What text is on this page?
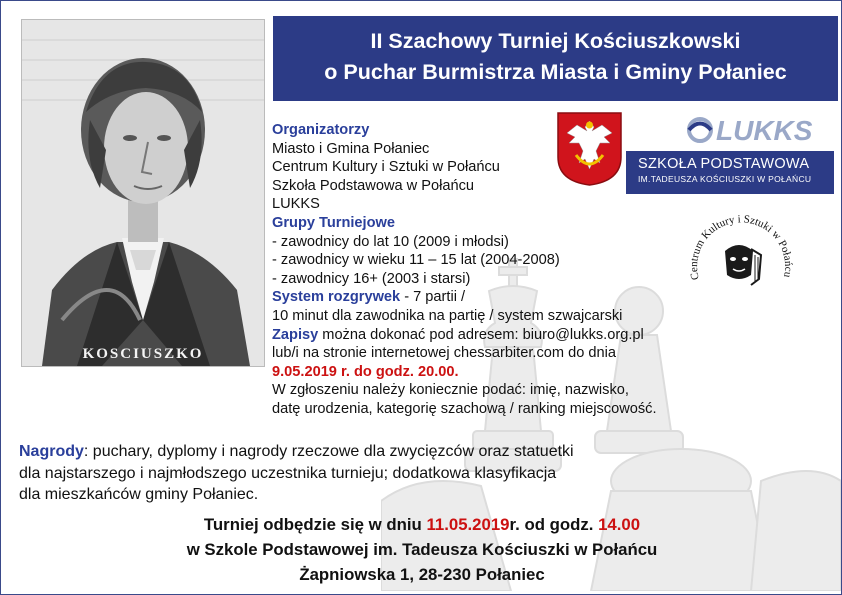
KOSCIUSZKO
II Szachowy Turniej Kościuszkowski
o Puchar Burmistrza Miasta i Gminy Połaniec
LUKKS
SZKOŁA PODSTAWOWA
IM.TADEUSZA KOŚCIUSZKI W POŁAŃCU
Centrum Kultury i Sztuki w Połańcu
Organizatorzy
Miasto i Gmina Połaniec
Centrum Kultury i Sztuki w Połańcu
Szkoła Podstawowa w Połańcu
LUKKS
Grupy Turniejowe
- zawodnicy do lat 10 (2009 i młodsi)
- zawodnicy w wieku 11 – 15 lat (2004-2008)
- zawodnicy 16+ (2003 i starsi)
System rozgrywek - 7 partii /
10 minut dla zawodnika na partię / system szwajcarski
Zapisy można dokonać pod adresem: biuro@lukks.org.pl
lub/i na stronie internetowej chessarbiter.com do dnia
9.05.2019 r. do godz. 20.00.
W zgłoszeniu należy koniecznie podać: imię, nazwisko,
datę urodzenia, kategorię szachową / ranking miejscowość.
Nagrody: puchary, dyplomy i nagrody rzeczowe dla zwycięzców oraz statuetki
dla najstarszego i najmłodszego uczestnika turnieju; dodatkowa klasyfikacja
dla mieszkańców gminy Połaniec.
Turniej odbędzie się w dniu 11.05.2019r. od godz. 14.00
w Szkole Podstawowej im. Tadeusza Kościuszki w Połańcu
Żapniowska 1, 28-230 Połaniec
